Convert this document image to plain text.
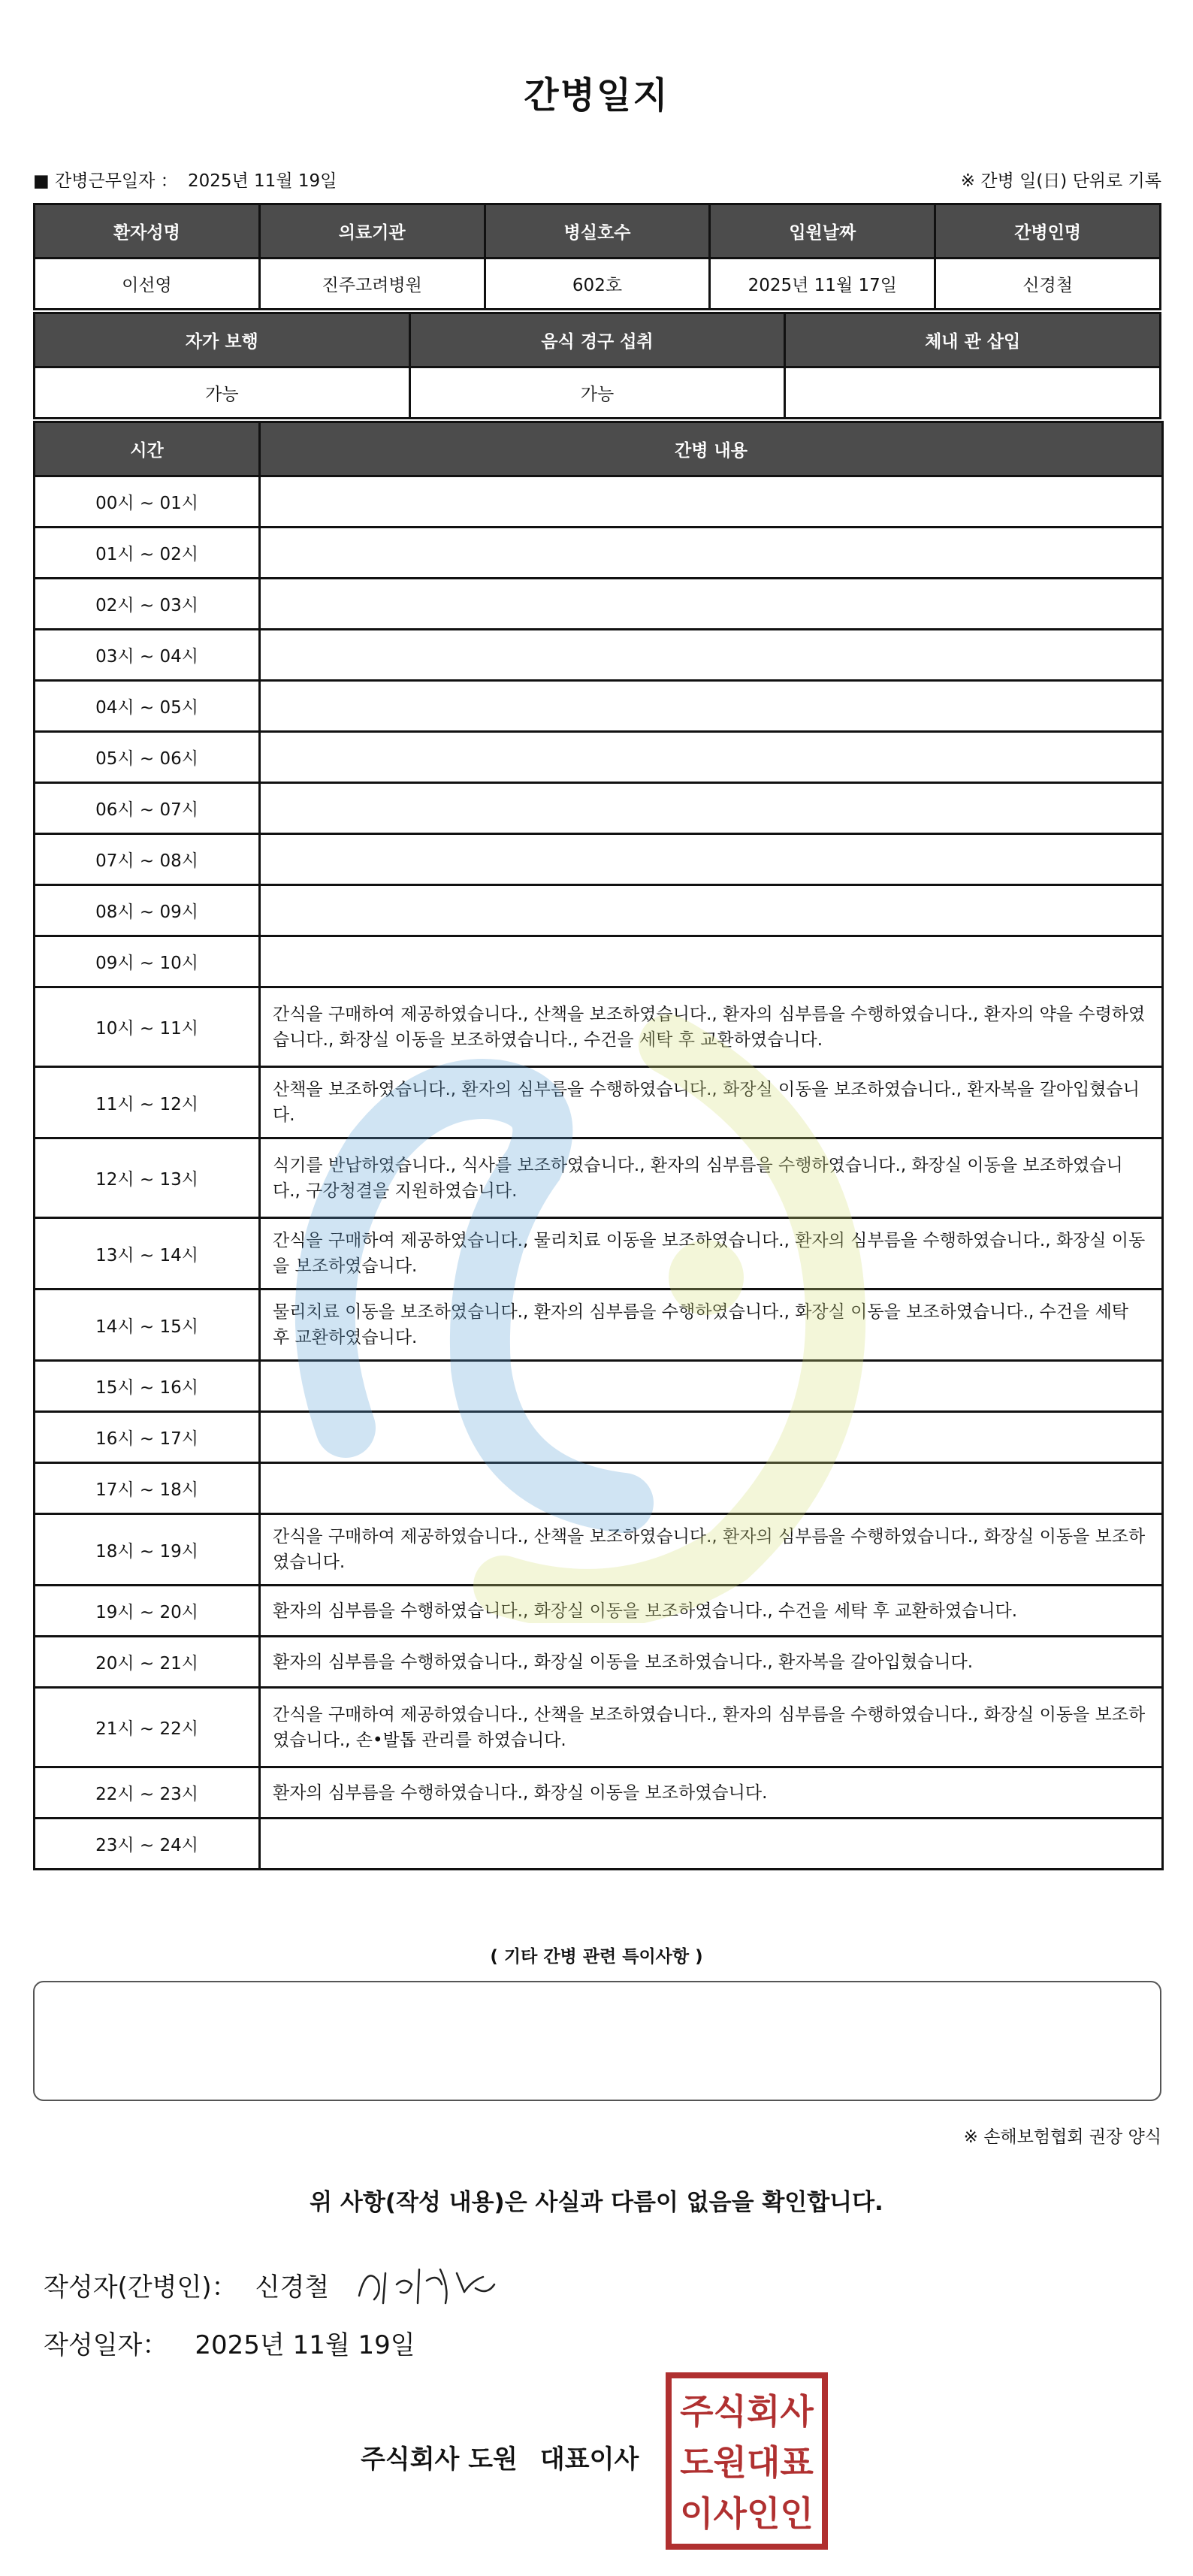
간병일지
■ 간병근무일자 ： 2025년 11월 19일	※ 간병 일(日) 단위로 기록
환자성명	의료기관	병실호수	입원날짜	간병인명
이선영	진주고려병원	602호	2025년 11월 17일	신경철
자가 보행	음식 경구 섭취	체내 관 삽입
가능	가능	
시간	간병 내용
00시 ~ 01시	
01시 ~ 02시	
02시 ~ 03시	
03시 ~ 04시	
04시 ~ 05시	
05시 ~ 06시	
06시 ~ 07시	
07시 ~ 08시	
08시 ~ 09시	
09시 ~ 10시	
10시 ~ 11시	간식을 구매하여 제공하였습니다., 산책을 보조하였습니다., 환자의 심부름을 수행하였습니다., 환자의 약을 수령하였습니다., 화장실 이동을 보조하였습니다., 수건을 세탁 후 교환하였습니다.
11시 ~ 12시	산책을 보조하였습니다., 환자의 심부름을 수행하였습니다., 화장실 이동을 보조하였습니다., 환자복을 갈아입혔습니다.
12시 ~ 13시	식기를 반납하였습니다., 식사를 보조하였습니다., 환자의 심부름을 수행하였습니다., 화장실 이동을 보조하였습니다., 구강청결을 지원하였습니다.
13시 ~ 14시	간식을 구매하여 제공하였습니다., 물리치료 이동을 보조하였습니다., 환자의 심부름을 수행하였습니다., 화장실 이동을 보조하였습니다.
14시 ~ 15시	물리치료 이동을 보조하였습니다., 환자의 심부름을 수행하였습니다., 화장실 이동을 보조하였습니다., 수건을 세탁 후 교환하였습니다.
15시 ~ 16시	
16시 ~ 17시	
17시 ~ 18시	
18시 ~ 19시	간식을 구매하여 제공하였습니다., 산책을 보조하였습니다., 환자의 심부름을 수행하였습니다., 화장실 이동을 보조하였습니다.
19시 ~ 20시	환자의 심부름을 수행하였습니다., 화장실 이동을 보조하였습니다., 수건을 세탁 후 교환하였습니다.
20시 ~ 21시	환자의 심부름을 수행하였습니다., 화장실 이동을 보조하였습니다., 환자복을 갈아입혔습니다.
21시 ~ 22시	간식을 구매하여 제공하였습니다., 산책을 보조하였습니다., 환자의 심부름을 수행하였습니다., 화장실 이동을 보조하였습니다., 손•발톱 관리를 하였습니다.
22시 ~ 23시	환자의 심부름을 수행하였습니다., 화장실 이동을 보조하였습니다.
23시 ~ 24시	
( 기타 간병 관련 특이사항 )
※ 손해보험협회 권장 양식
위 사항(작성 내용)은 사실과 다름이 없음을 확인합니다.
작성자(간병인)： 신경철
작성일자： 2025년 11월 19일
주식회사 도원 대표이사
주식회사
도원대표
이사인인
